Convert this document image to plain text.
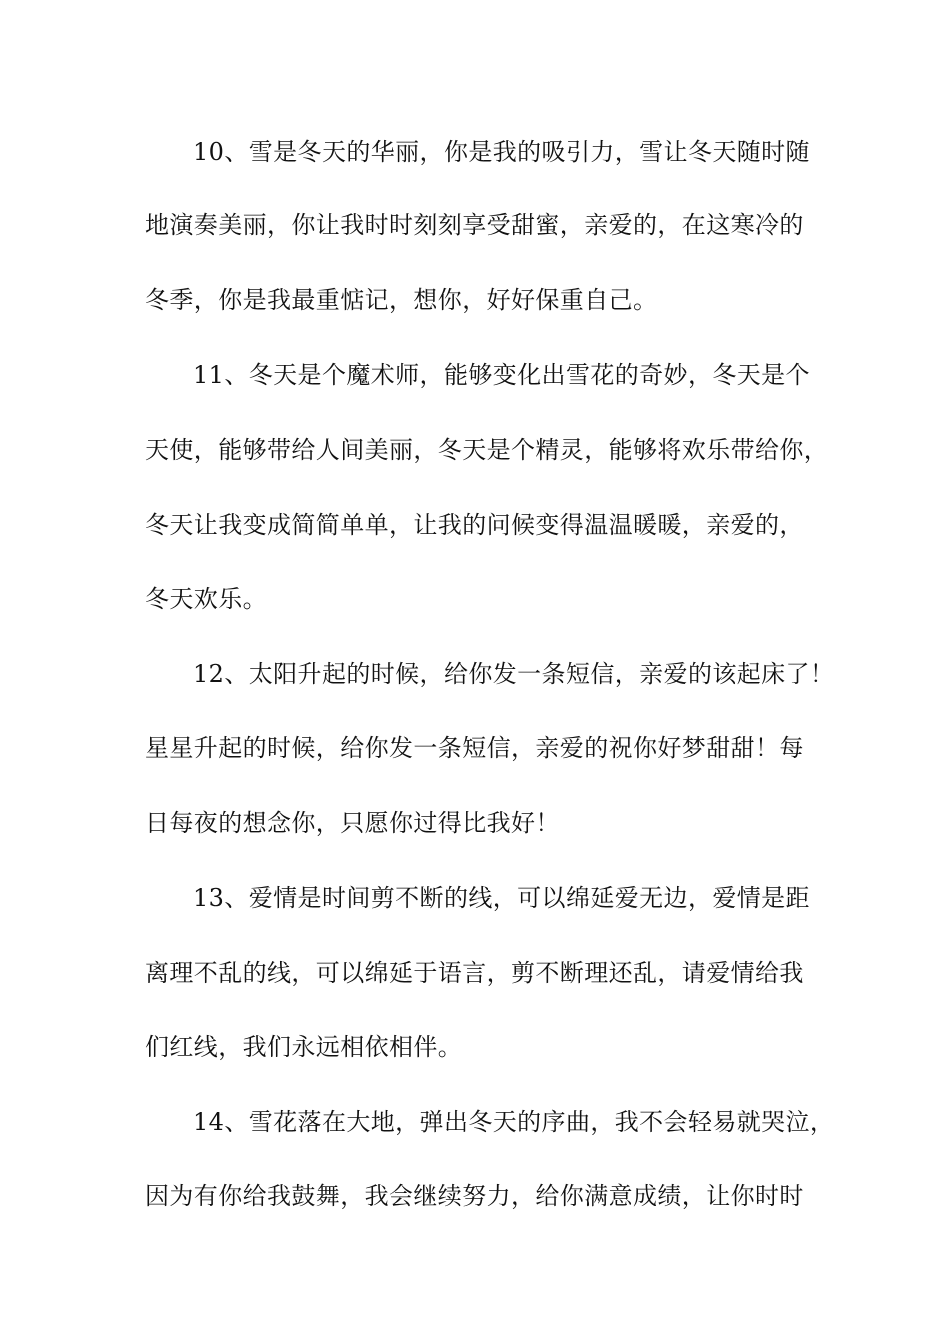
10、雪是冬天的华丽，你是我的吸引力，雪让冬天随时随
地演奏美丽，你让我时时刻刻享受甜蜜，亲爱的，在这寒冷的
冬季，你是我最重惦记，想你，好好保重自己。
11、冬天是个魔术师，能够变化出雪花的奇妙，冬天是个
天使，能够带给人间美丽，冬天是个精灵，能够将欢乐带给你，
冬天让我变成简简单单，让我的问候变得温温暖暖，亲爱的，
冬天欢乐。
12、太阳升起的时候，给你发一条短信，亲爱的该起床了！
星星升起的时候，给你发一条短信，亲爱的祝你好梦甜甜！每
日每夜的想念你，只愿你过得比我好！
13、爱情是时间剪不断的线，可以绵延爱无边，爱情是距
离理不乱的线，可以绵延于语言，剪不断理还乱，请爱情给我
们红线，我们永远相依相伴。
14、雪花落在大地，弹出冬天的序曲，我不会轻易就哭泣，
因为有你给我鼓舞，我会继续努力，给你满意成绩，让你时时
